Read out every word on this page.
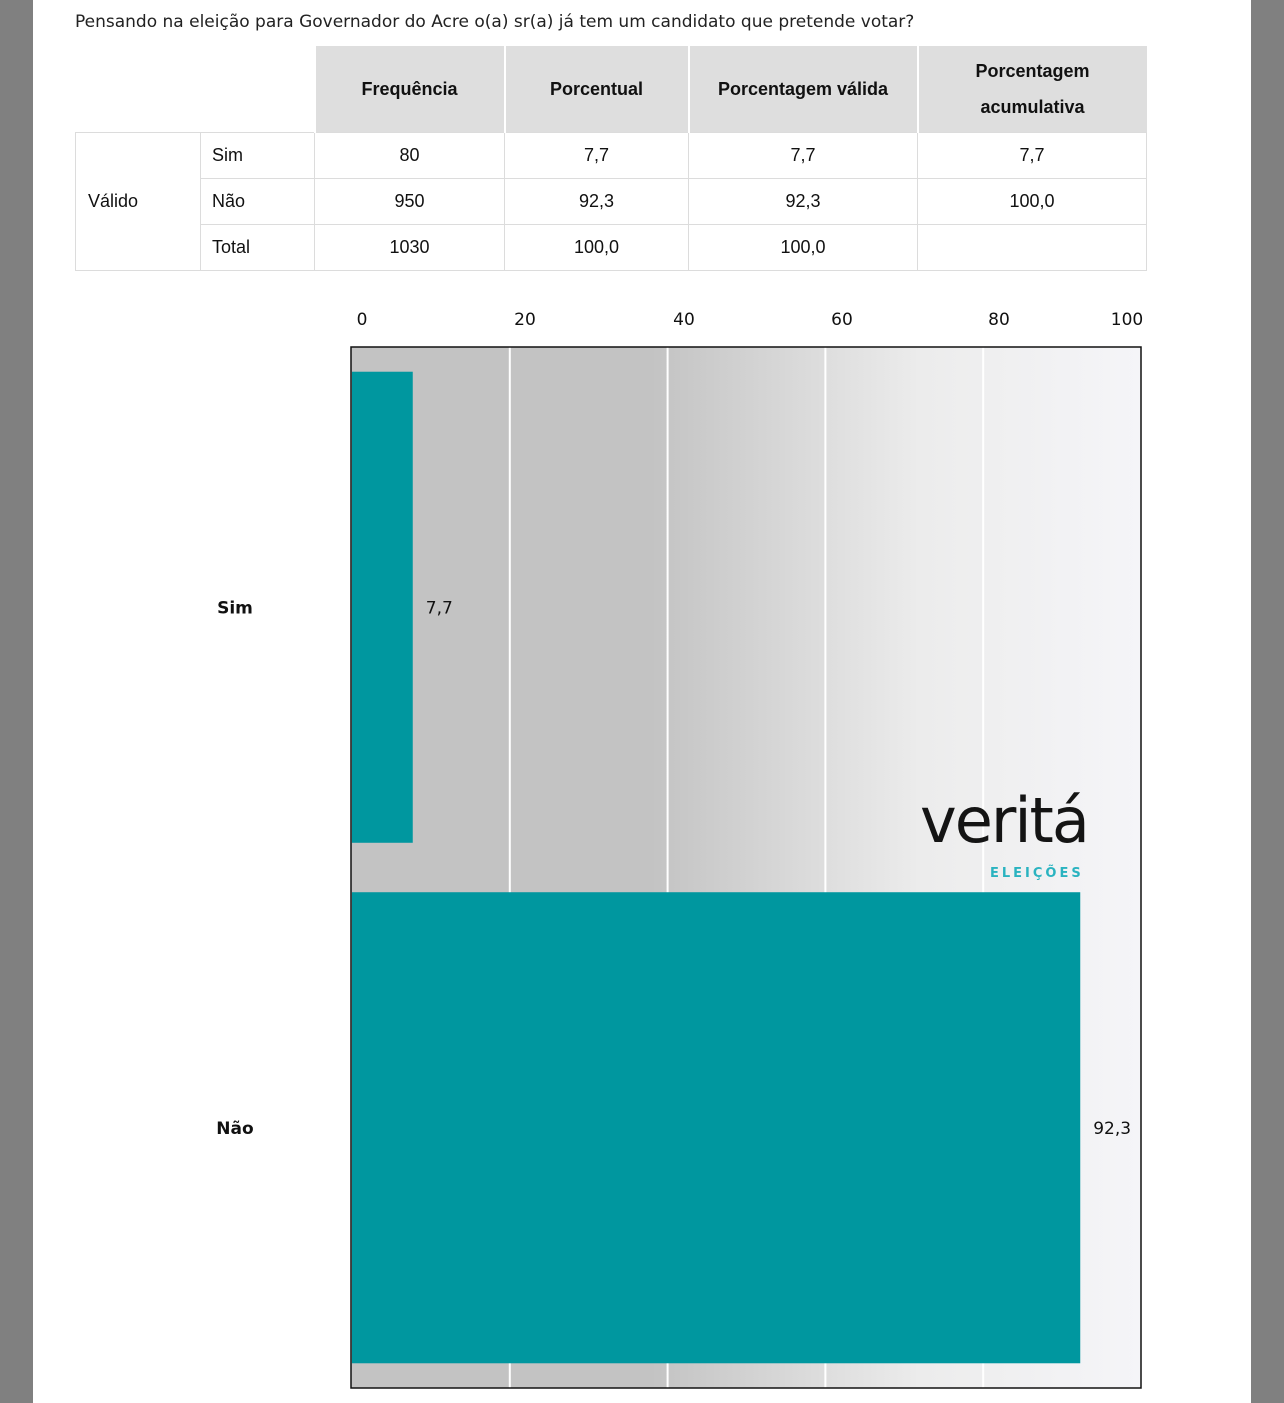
Pensando na eleição para Governador do Acre o(a) sr(a) já tem um candidato que pretende votar?
		Frequência	Porcentual	Porcentagem válida	Porcentagem
acumulativa

Válido	Sim	80	7,7	7,7	7,7
	Não	950	92,3	92,3	100,0
	Total	1030	100,0	100,0	
0	20	40	60	80	100
Sim
Não
7,7
92,3
veritá
ELEIÇÕES
